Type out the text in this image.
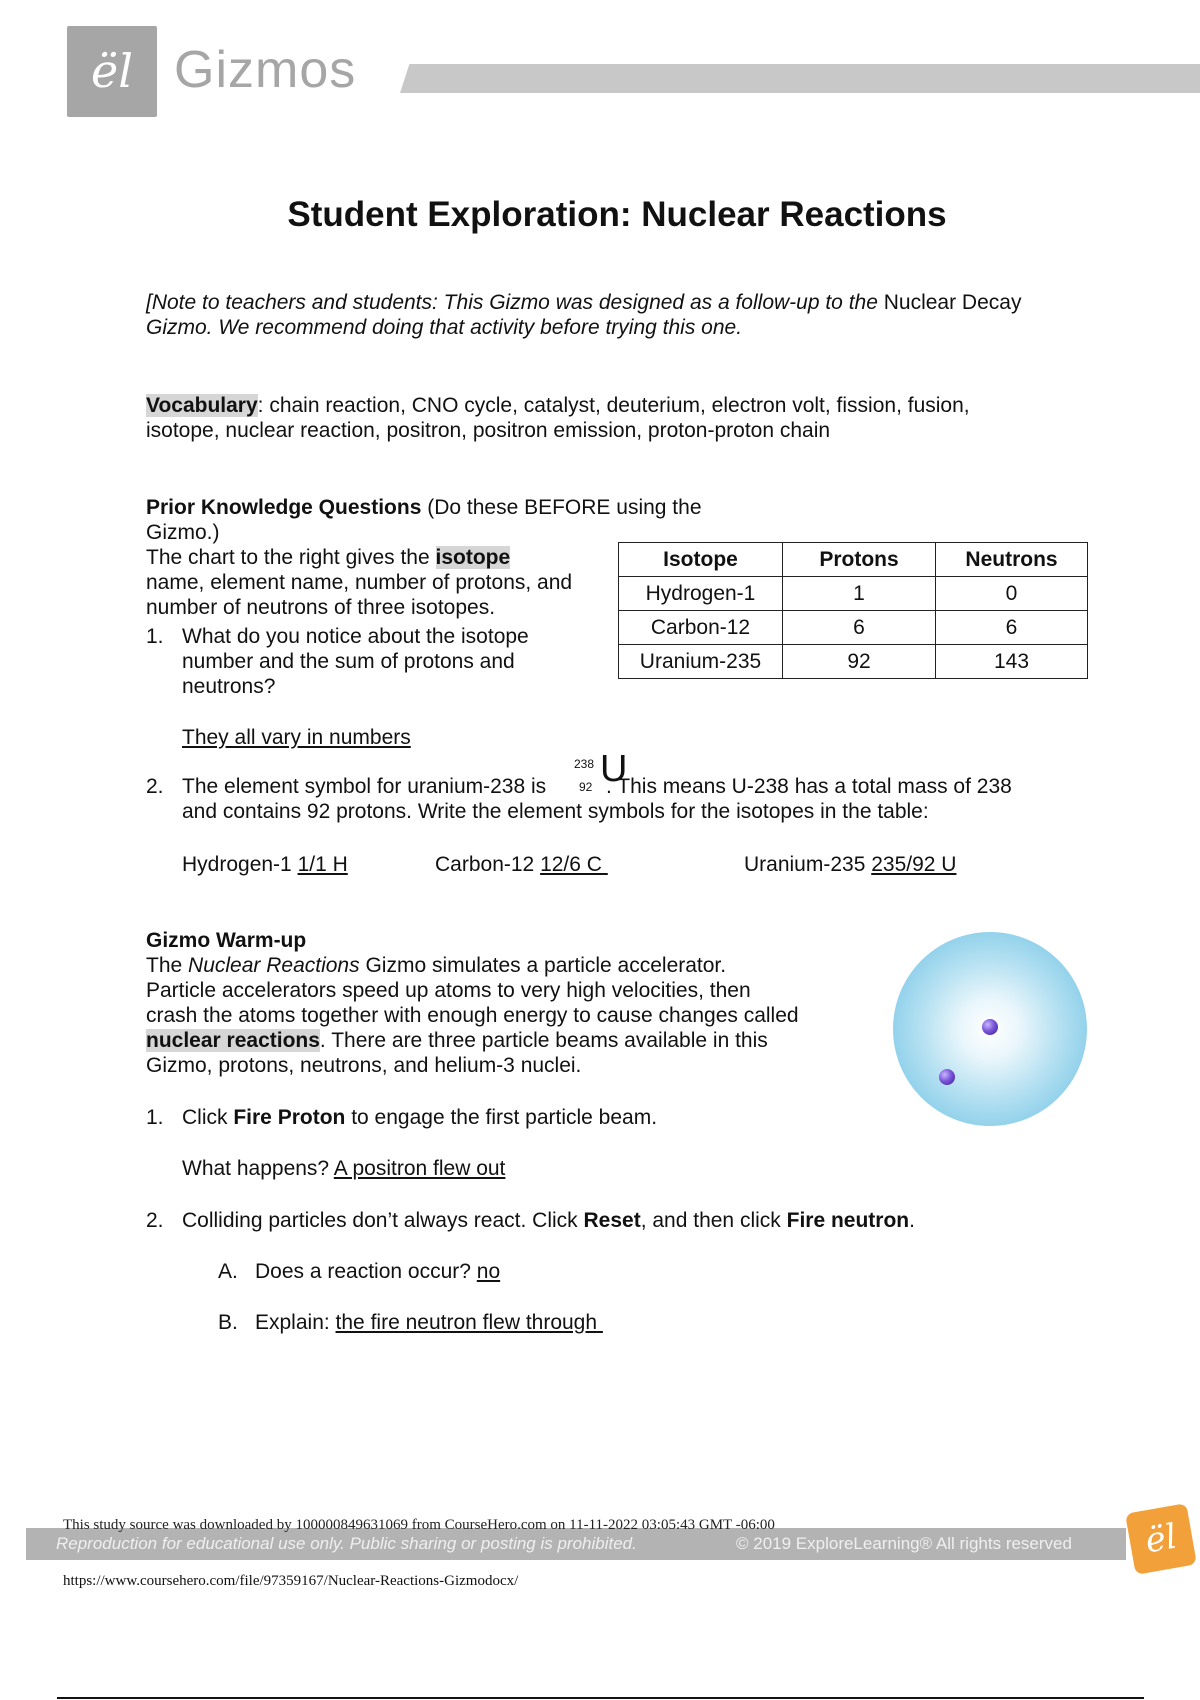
ël Gizmos
Student Exploration: Nuclear Reactions
[Note to teachers and students: This Gizmo was designed as a follow-up to the Nuclear Decay
Gizmo. We recommend doing that activity before trying this one.
Vocabulary: chain reaction, CNO cycle, catalyst, deuterium, electron volt, fission, fusion,
isotope, nuclear reaction, positron, positron emission, proton-proton chain
Prior Knowledge Questions (Do these BEFORE using the Gizmo.)
The chart to the right gives the isotope
name, element name, number of protons, and
number of neutrons of three isotopes.
Isotope	Protons	Neutrons
Hydrogen-1	1	0
Carbon-12	6	6
Uranium-235	92	143
1. What do you notice about the isotope
number and the sum of protons and
neutrons?
They all vary in numbers
2. The element symbol for uranium-238 is	. This means U-238 has a total mass of 238
238
92 U
and contains 92 protons. Write the element symbols for the isotopes in the table:
Hydrogen-1 1/1 H	Carbon-12 12/6 C	Uranium-235 235/92 U
Gizmo Warm-up
The Nuclear Reactions Gizmo simulates a particle accelerator.
Particle accelerators speed up atoms to very high velocities, then
crash the atoms together with enough energy to cause changes called
nuclear reactions. There are three particle beams available in this
Gizmo, protons, neutrons, and helium-3 nuclei.
1. Click Fire Proton to engage the first particle beam.
What happens? A positron flew out
2. Colliding particles don’t always react. Click Reset, and then click Fire neutron.
A. Does a reaction occur? no
B. Explain: the fire neutron flew through
Reproduction for educational use only. Public sharing or posting is prohibited.	© 2019 ExploreLearning® All rights reserved
This study source was downloaded by 100000849631069 from CourseHero.com on 11-11-2022 03:05:43 GMT -06:00	ël
https://www.coursehero.com/file/97359167/Nuclear-Reactions-Gizmodocx/
